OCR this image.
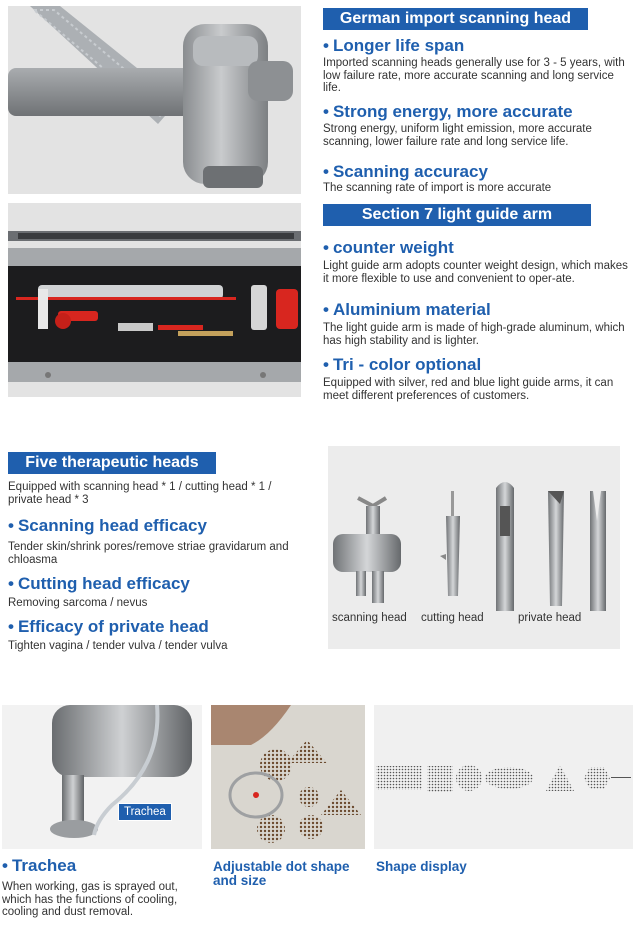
German import scanning head
• Longer life span
Imported scanning heads generally use for 3 - 5 years, with low failure rate, more accurate scanning and long service life.
• Strong energy, more accurate
Strong energy, uniform light emission, more accurate scanning, lower failure rate and long service life.
• Scanning accuracy
The scanning rate of import is more accurate
Section 7 light guide arm
• counter weight
Light guide arm adopts counter weight design, which makes it more flexible to use and convenient to oper-ate.
• Aluminium material
The light guide arm is made of high-grade aluminum, which has high stability and is lighter.
• Tri - color optional
Equipped with silver, red and blue light guide arms, it can meet different preferences of customers.
Five therapeutic heads
Equipped with scanning head * 1 / cutting head * 1 / private head * 3
• Scanning head efficacy
Tender skin/shrink pores/remove striae gravidarum and chloasma
• Cutting head efficacy
Removing sarcoma / nevus
• Efficacy of private head
Tighten vagina / tender vulva / tender vulva
scanning head cutting head	private head
Trachea
• Trachea
When working, gas is sprayed out, which has the functions of cooling, cooling and dust removal.
Adjustable dot shape and size
Shape display
